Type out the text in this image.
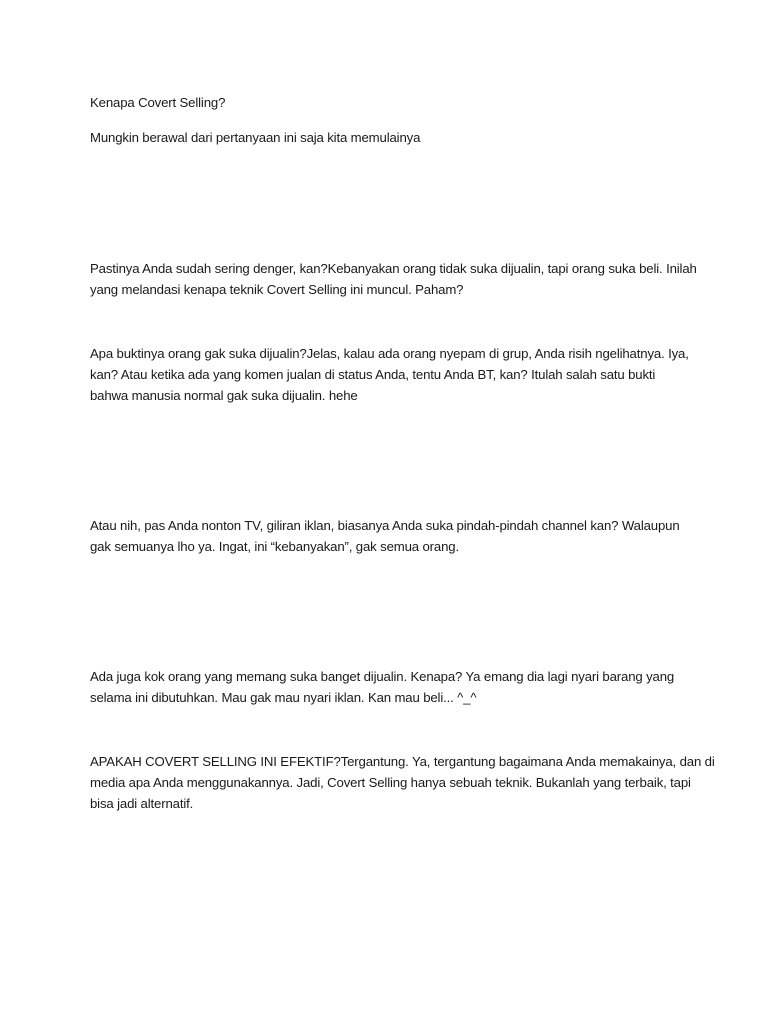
Kenapa Covert Selling?
Mungkin berawal dari pertanyaan ini saja kita memulainya
Pastinya Anda sudah sering denger, kan?Kebanyakan orang tidak suka dijualin, tapi orang suka beli. Inilah
yang melandasi kenapa teknik Covert Selling ini muncul. Paham?
Apa buktinya orang gak suka dijualin?Jelas, kalau ada orang nyepam di grup, Anda risih ngelihatnya. Iya,
kan? Atau ketika ada yang komen jualan di status Anda, tentu Anda BT, kan? Itulah salah satu bukti
bahwa manusia normal gak suka dijualin. hehe
Atau nih, pas Anda nonton TV, giliran iklan, biasanya Anda suka pindah-pindah channel kan? Walaupun
gak semuanya lho ya. Ingat, ini “kebanyakan”, gak semua orang.
Ada juga kok orang yang memang suka banget dijualin. Kenapa? Ya emang dia lagi nyari barang yang
selama ini dibutuhkan. Mau gak mau nyari iklan. Kan mau beli... ^_^
APAKAH COVERT SELLING INI EFEKTIF?Tergantung. Ya, tergantung bagaimana Anda memakainya, dan di
media apa Anda menggunakannya. Jadi, Covert Selling hanya sebuah teknik. Bukanlah yang terbaik, tapi
bisa jadi alternatif.
